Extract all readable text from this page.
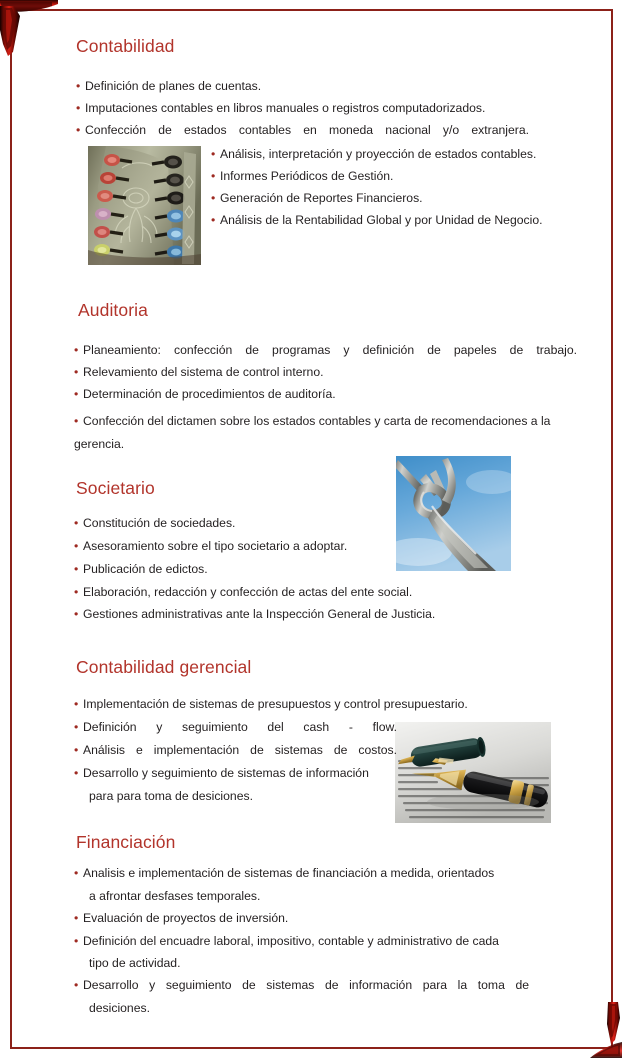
Contabilidad
• Definición de planes de cuentas.
• Imputaciones contables en libros manuales o registros computadorizados.
• Confección de estados contables en moneda nacional y/o extranjera.
• Análisis, interpretación y proyección de estados contables.
• Informes Periódicos de Gestión.
• Generación de Reportes Financieros.
• Análisis de la Rentabilidad Global y por Unidad de Negocio.
Auditoria
• Planeamiento: confección de programas y definición de papeles de trabajo.
• Relevamiento del sistema de control interno.
• Determinación de procedimientos de auditoría.
• Confección del dictamen sobre los estados contables y carta de recomendaciones a la gerencia.
Societario
• Constitución de sociedades.
• Asesoramiento sobre el tipo societario a adoptar.
• Publicación de edictos.
• Elaboración, redacción y confección de actas del ente social.
• Gestiones administrativas ante la Inspección General de Justicia.
Contabilidad gerencial
• Implementación de sistemas de presupuestos y control presupuestario.
• Definición y seguimiento del cash - flow.
• Análisis e implementación de sistemas de costos.
• Desarrollo y seguimiento de sistemas de información
para para toma de desiciones.
Financiación
• Analisis e implementación de sistemas de financiación a medida, orientados
a afrontar desfases temporales.
• Evaluación de proyectos de inversión.
• Definición del encuadre laboral, impositivo, contable y administrativo de cada
tipo de actividad.
• Desarrollo y seguimiento de sistemas de información para la toma de
desiciones.
